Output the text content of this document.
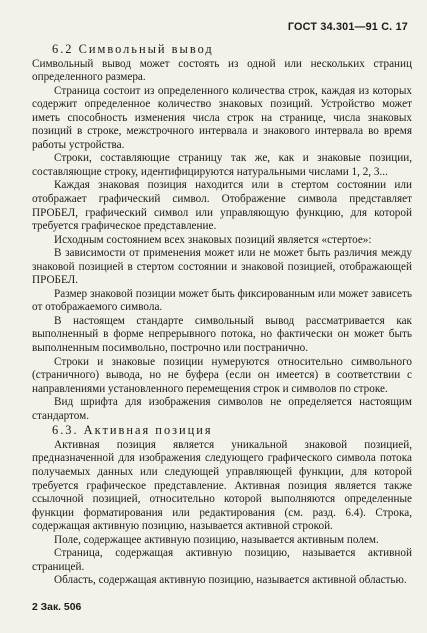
ГОСТ 34.301—91 С. 17
6.2 Символьный вывод

Символьный вывод может состоять из одной или нескольких страниц определенного размера.

Страница состоит из определенного количества строк, каждая из которых содержит определенное количество знаковых позиций. Устройство может иметь способность изменения числа строк на странице, числа знаковых позиций в строке, межстрочного интервала и знакового интервала во время работы устройства.

Строки, составляющие страницу так же, как и знаковые позиции, составляющие строку, идентифицируются натуральными числами 1, 2, 3...

Каждая знаковая позиция находится или в стертом состоянии или отображает графический символ. Отображение символа представляет ПРОБЕЛ, графический символ или управляющую функцию, для которой требуется графическое представление.

Исходным состоянием всех знаковых позиций является «стертое»:

В зависимости от применения может или не может быть различия между знаковой позицией в стертом состоянии и знаковой позицией, отображающей ПРОБЕЛ.

Размер знаковой позиции может быть фиксированным или может зависеть от отображаемого символа.

В настоящем стандарте символьный вывод рассматривается как выполненный в форме непрерывного потока, но фактически он может быть выполненным посимвольно, построчно или постранично.

Строки и знаковые позиции нумеруются относительно символьного (страничного) вывода, но не буфера (если он имеется) в соответствии с направлениями установленного перемещения строк и символов по строке.

Вид шрифта для изображения символов не определяется настоящим стандартом.

6.3. Активная позиция

Активная позиция является уникальной знаковой позицией, предназначенной для изображения следующего графического символа потока получаемых данных или следующей управляющей функции, для которой требуется графическое представление. Активная позиция является также ссылочной позицией, относительно которой выполняются определенные функции форматирования или редактирования (см. разд. 6.4). Строка, содержащая активную позицию, называется активной строкой.

Поле, содержащее активную позицию, называется активным полем.

Страница, содержащая активную позицию, называется активной страницей.

Область, содержащая активную позицию, называется активной областью.

2 Зак. 506
